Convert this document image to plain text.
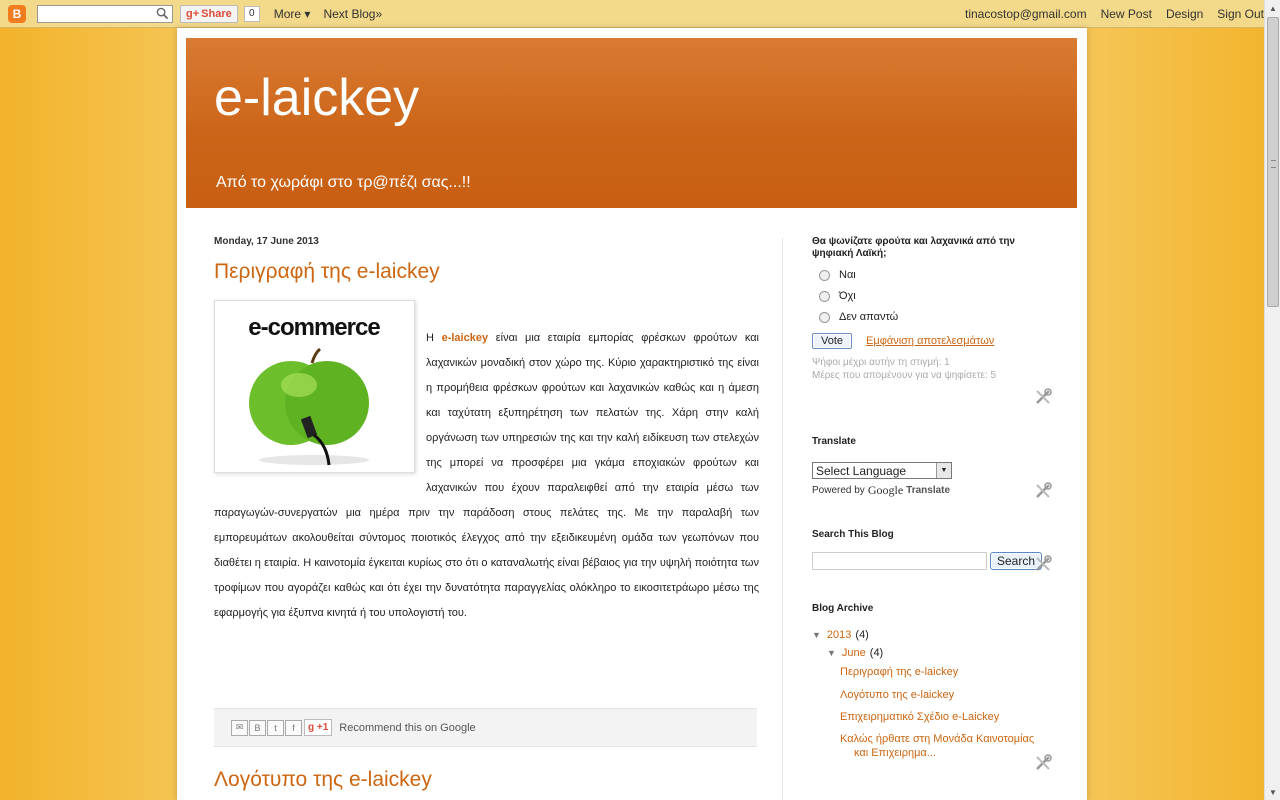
B	g+ Share	0	More ▾ Next Blog»	tinacostop@gmail.com New Post Design Sign Out ▲
▼
e-laickey
Από το χωράφι στο τρ@πέζι σας...!!
Monday, 17 June 2013
Περιγραφή της e-laickey
e-commerce	Η e-laickey είναι μια εταιρία εμπορίας φρέσκων φρούτων και λαχανικών μοναδική στον χώρο της. Κύριο χαρακτηριστικό της είναι η προμήθεια φρέσκων φρούτων και λαχανικών καθώς και η άμεση και ταχύτατη εξυπηρέτηση των πελατών της. Χάρη στην καλή οργάνωση των υπηρεσιών της και την καλή ειδίκευση των στελεχών της μπορεί να προσφέρει μια γκάμα εποχιακών φρούτων και λαχανικών που έχουν παραλειφθεί από την εταιρία μέσω των παραγωγών-συνεργατών μια ημέρα πριν την παράδοση στους πελάτες της. Με την παραλαβή των εμπορευμάτων ακολουθείται σύντομος ποιοτικός έλεγχος από την εξειδικευμένη ομάδα των γεωπόνων που διαθέτει η εταιρία. Η καινοτομία έγκειται κυρίως στο ότι ο καταναλωτής είναι βέβαιος για την υψηλή ποιότητα των τροφίμων που αγοράζει καθώς και ότι έχει την δυνατότητα παραγγελίας ολόκληρο το εικοσιτετράωρο μέσω της εφαρμογής για έξυπνα κινητά ή του υπολογιστή του.
✉	B	t	f	g
+1 Recommend this on Google
Λογότυπο της e-laickey
Θα ψωνίζατε φρούτα και λαχανικά από την ψηφιακή Λαϊκή;
Ναι
Όχι
Δεν απαντώ
Vote	Εμφάνιση αποτελεσμάτων
Ψήφοι μέχρι αυτήν τη στιγμή: 1
Μέρες που απομένουν για να ψηφίσετε: 5
Translate
Select Language	▼
Powered by Google Translate
Search This Blog
Search
Blog Archive
▼ 2013 (4)
▼ June (4)
Περιγραφή της e-laickey
Λογότυπο της e-laickey
Επιχειρηματικό Σχέδιο e-Laickey
Καλώς ήρθατε στη Μονάδα Καινοτομίας και Επιχειρημα...
